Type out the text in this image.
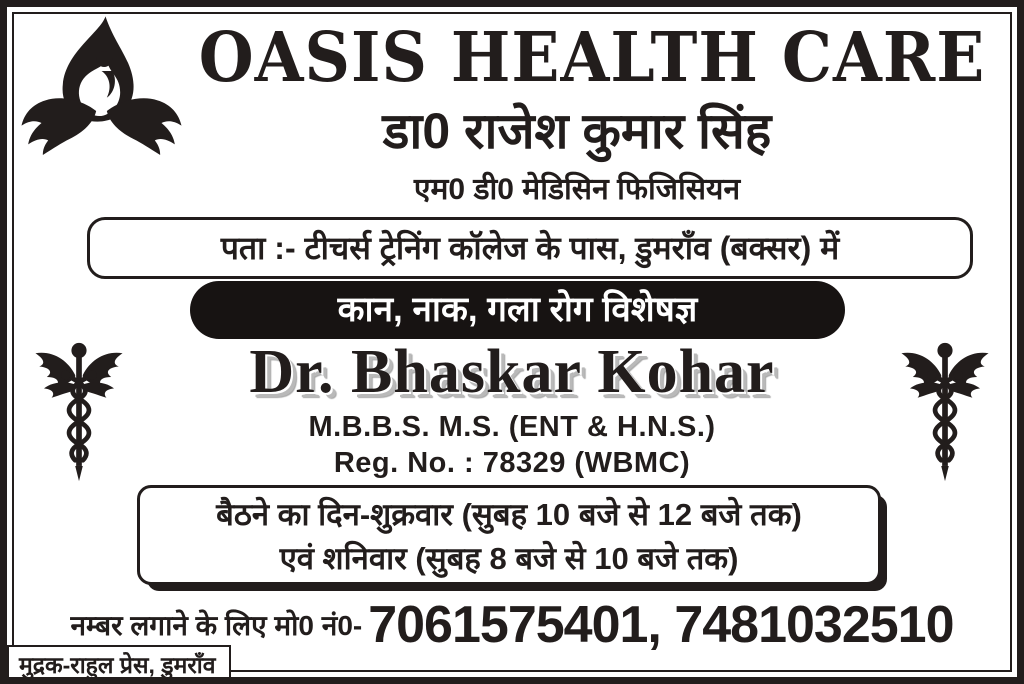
OASIS HEALTH CARE
डा0 राजेश कुमार सिंह
एम0 डी0 मेडिसिन फिजिसियन
पता :- टीचर्स ट्रेनिंग कॉलेज के पास, डुमराँव (बक्सर) में
कान, नाक, गला रोग विशेषज्ञ
Dr. Bhaskar Kohar
M.B.B.S. M.S. (ENT & H.N.S.)
Reg. No. : 78329 (WBMC)
बैठने का दिन-शुक्रवार (सुबह 10 बजे से 12 बजे तक)
एवं शनिवार (सुबह 8 बजे से 10 बजे तक)
नम्बर लगाने के लिए मो0 नं0- 7061575401, 7481032510
मुद्रक-राहुल प्रेस, डुमराँव
